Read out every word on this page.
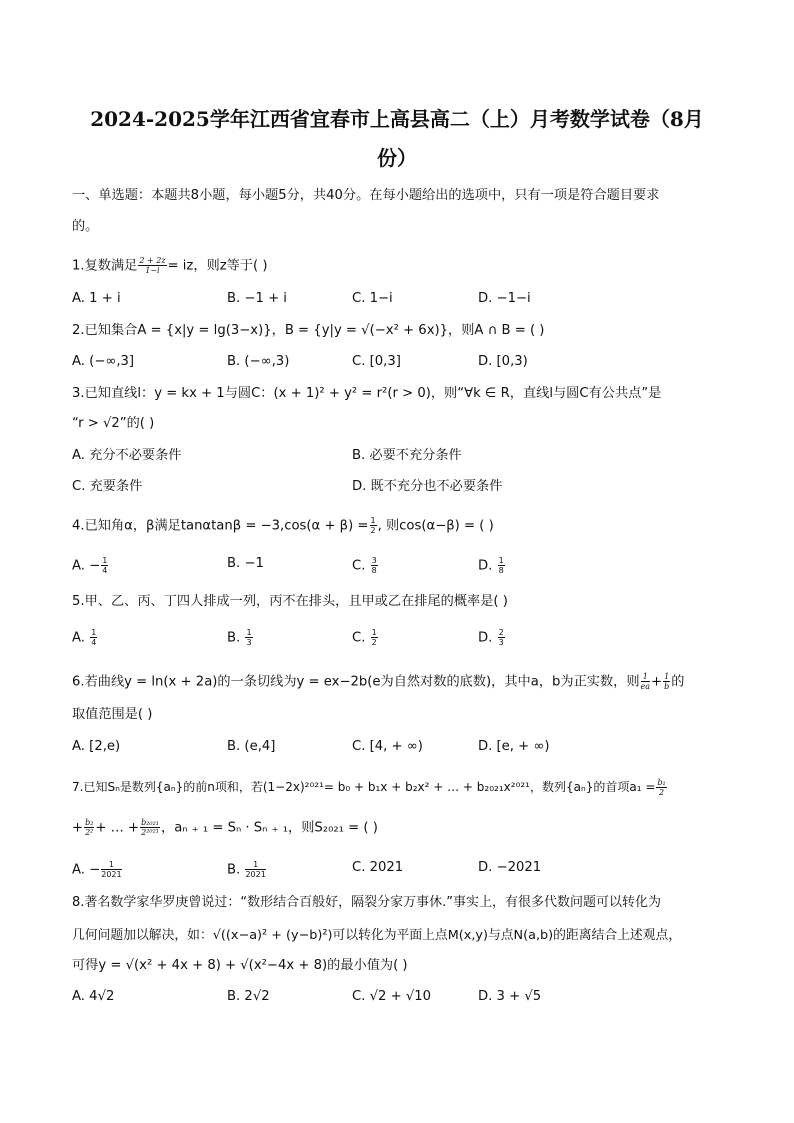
2024-2025学年江西省宜春市上高县高二（上）月考数学试卷（8月
份）
一、单选题：本题共8小题，每小题5分，共40分。在每小题给出的选项中，只有一项是符合题目要求
的。
1.复数满足 $\frac{2 + 2z}{1-i}$ = iz，则z等于( )
A. 1 + i	B. −1 + i	C. 1−i	D. −1−i
2.已知集合A = {x|y = lg(3−x)}，B = {y|y = √(−x² + 6x)}，则A ∩ B = ( )
A. (−∞,3]	B. (−∞,3)	C. [0,3]	D. [0,3)
3.已知直线l：y = kx + 1与圆C：(x + 1)² + y² = r²(r > 0)，则“∀k ∈ R，直线l与圆C有公共点”是
“r > √2”的( )
A. 充分不必要条件	B. 必要不充分条件
C. 充要条件	D. 既不充分也不必要条件
4.已知角α，β满足$\tan\alpha\tan\beta = -3,\cos(\alpha + \beta) = \frac{1}{2}$ , 则cos(α−β) = ( )
A. − $\frac{1}{4}$	B. −1	C. $\frac{3}{8}$	D. $\frac{1}{8}$
5.甲、乙、丙、丁四人排成一列，丙不在排头，且甲或乙在排尾的概率是( )
A. $\frac{1}{4}$	B. $\frac{1}{3}$	C. $\frac{1}{2}$	D. $\frac{2}{3}$
6.若曲线y = ln(x + 2a)的一条切线为y = ex−2b(e为自然对数的底数)，其中a，b为正实数，则 $\frac{1}{ea} + \frac{1}{b}$ 的
取值范围是( )
A. [2,e)	B. (e,4]	C. [4, + ∞)	D. [e, + ∞)
7.已知Sₙ是数列{aₙ}的前n项和，若(1−2x)²⁰²¹= b₀ + b₁x + b₂x² + … + b₂₀₂₁x²⁰²¹，数列{aₙ}的首项$a_1 = \frac{\text{b₁}}{2}$
+ $\frac{\text{b₂}}{\text{2²}}$ + … + $\frac{\text{b₂₀₂₁}}{\text{2²⁰²¹}}$ ，aₙ ₊ ₁ = Sₙ · Sₙ ₊ ₁，则S₂₀₂₁ = ( )
A. − $\frac{1}{2021}$	B. $\frac{1}{2021}$	C. 2021	D. −2021
8.著名数学家华罗庚曾说过：“数形结合百般好，隔裂分家万事休.”事实上，有很多代数问题可以转化为
几何问题加以解决，如：√((x−a)² + (y−b)²)可以转化为平面上点M(x,y)与点N(a,b)的距离结合上述观点，
可得y = √(x² + 4x + 8) + √(x²−4x + 8)的最小值为( )
A. 4√2	B. 2√2	C. √2 + √10	D. 3 + √5
